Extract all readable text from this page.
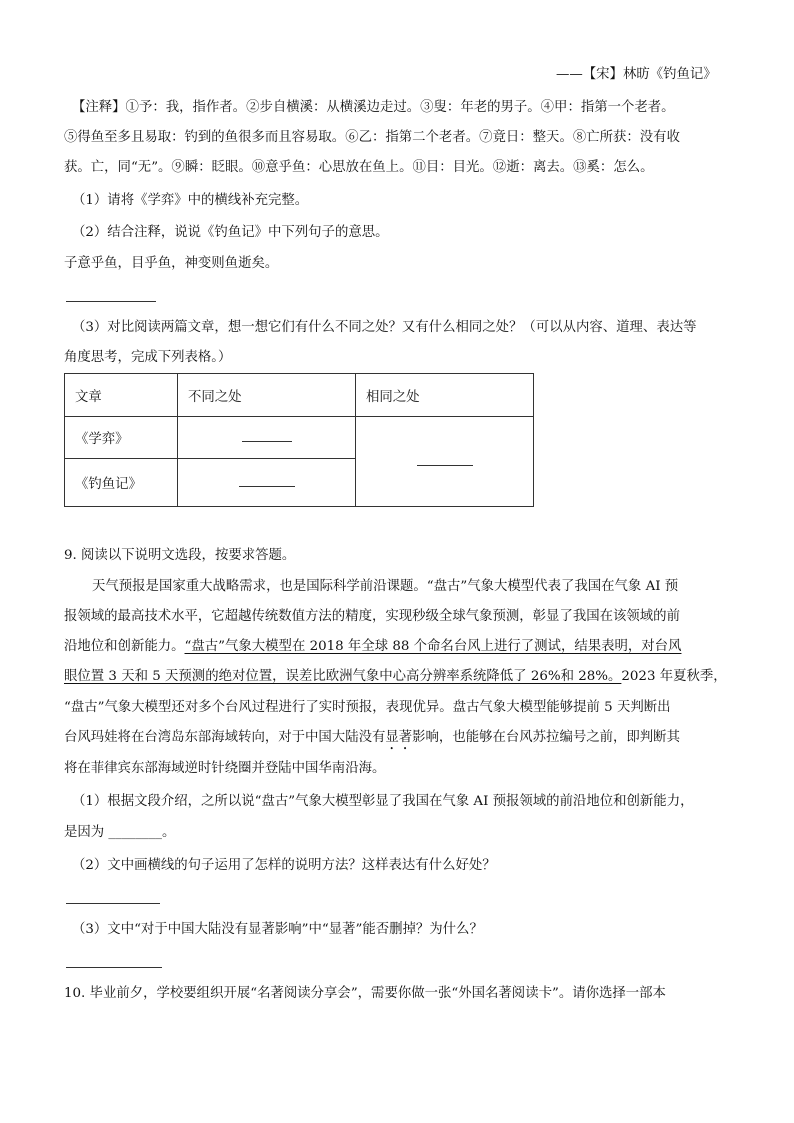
——【宋】林昉《钓鱼记》
【注释】①予：我，指作者。②步自横溪：从横溪边走过。③叟：年老的男子。④甲：指第一个老者。
⑤得鱼至多且易取：钓到的鱼很多而且容易取。⑥乙：指第二个老者。⑦竟日：整天。⑧亡所获：没有收
获。亡，同“无”。⑨瞬：眨眼。⑩意乎鱼：心思放在鱼上。⑪目：目光。⑫逝：离去。⑬奚：怎么。
（1）请将《学弈》中的横线补充完整。
（2）结合注释，说说《钓鱼记》中下列句子的意思。
子意乎鱼，目乎鱼，神变则鱼逝矣。
（3）对比阅读两篇文章，想一想它们有什么不同之处？又有什么相同之处？（可以从内容、道理、表达等
角度思考，完成下列表格。）
文章	不同之处	相同之处
《学弈》		
《钓鱼记》		
9. 阅读以下说明文选段，按要求答题。
天气预报是国家重大战略需求，也是国际科学前沿课题。“盘古”气象大模型代表了我国在气象 AI 预
报领域的最高技术水平，它超越传统数值方法的精度，实现秒级全球气象预测，彰显了我国在该领域的前
沿地位和创新能力。“盘古”气象大模型在 2018 年全球 88 个命名台风上进行了测试，结果表明，对台风
眼位置 3 天和 5 天预测的绝对位置，误差比欧洲气象中心高分辨率系统降低了 26%和 28%。2023 年夏秋季，
“盘古”气象大模型还对多个台风过程进行了实时预报，表现优异。盘古气象大模型能够提前 5 天判断出
台风玛娃将在台湾岛东部海域转向，对于中国大陆没有显著影响，也能够在台风苏拉编号之前，即判断其
将在菲律宾东部海域逆时针绕圈并登陆中国华南沿海。
（1）根据文段介绍，之所以说“盘古”气象大模型彰显了我国在气象 AI 预报领域的前沿地位和创新能力，
是因为 ________。
（2）文中画横线的句子运用了怎样的说明方法？这样表达有什么好处？
（3）文中“对于中国大陆没有显著影响”中“显著”能否删掉？为什么？
10. 毕业前夕，学校要组织开展“名著阅读分享会”，需要你做一张“外国名著阅读卡”。请你选择一部本
